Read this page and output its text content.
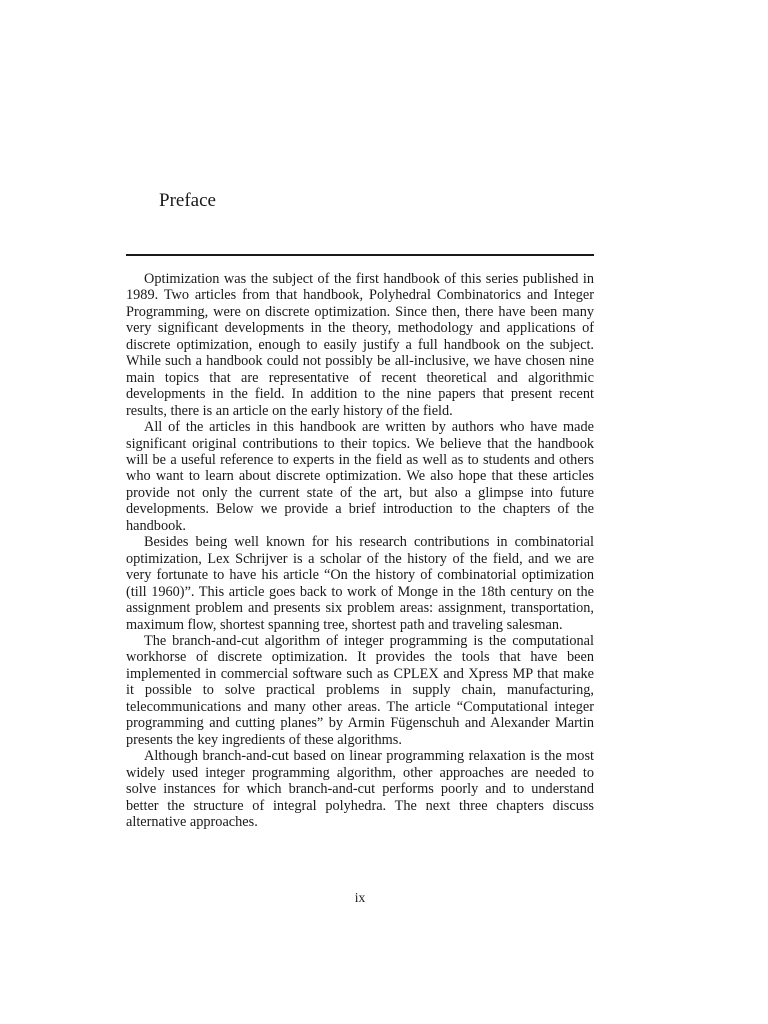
Preface

Optimization was the subject of the first handbook of this series published in 1989. Two articles from that handbook, Polyhedral Combinatorics and Integer Programming, were on discrete optimization. Since then, there have been many very significant developments in the theory, methodology and applications of discrete optimization, enough to easily justify a full handbook on the subject. While such a handbook could not possibly be all-inclusive, we have chosen nine main topics that are representative of recent theoretical and algorithmic developments in the field. In addition to the nine papers that present recent results, there is an article on the early history of the field.

All of the articles in this handbook are written by authors who have made significant original contributions to their topics. We believe that the handbook will be a useful reference to experts in the field as well as to students and others who want to learn about discrete optimization. We also hope that these articles provide not only the current state of the art, but also a glimpse into future developments. Below we provide a brief introduction to the chapters of the handbook.

Besides being well known for his research contributions in combinatorial optimization, Lex Schrijver is a scholar of the history of the field, and we are very fortunate to have his article “On the history of combinatorial optimization (till 1960)”. This article goes back to work of Monge in the 18th century on the assignment problem and presents six problem areas: assignment, transportation, maximum flow, shortest spanning tree, shortest path and traveling salesman.

The branch-and-cut algorithm of integer programming is the computational workhorse of discrete optimization. It provides the tools that have been implemented in commercial software such as CPLEX and Xpress MP that make it possible to solve practical problems in supply chain, manufacturing, telecommunications and many other areas. The article “Computational integer programming and cutting planes” by Armin Fügenschuh and Alexander Martin presents the key ingredients of these algorithms.

Although branch-and-cut based on linear programming relaxation is the most widely used integer programming algorithm, other approaches are needed to solve instances for which branch-and-cut performs poorly and to understand better the structure of integral polyhedra. The next three chapters discuss alternative approaches.

ix
